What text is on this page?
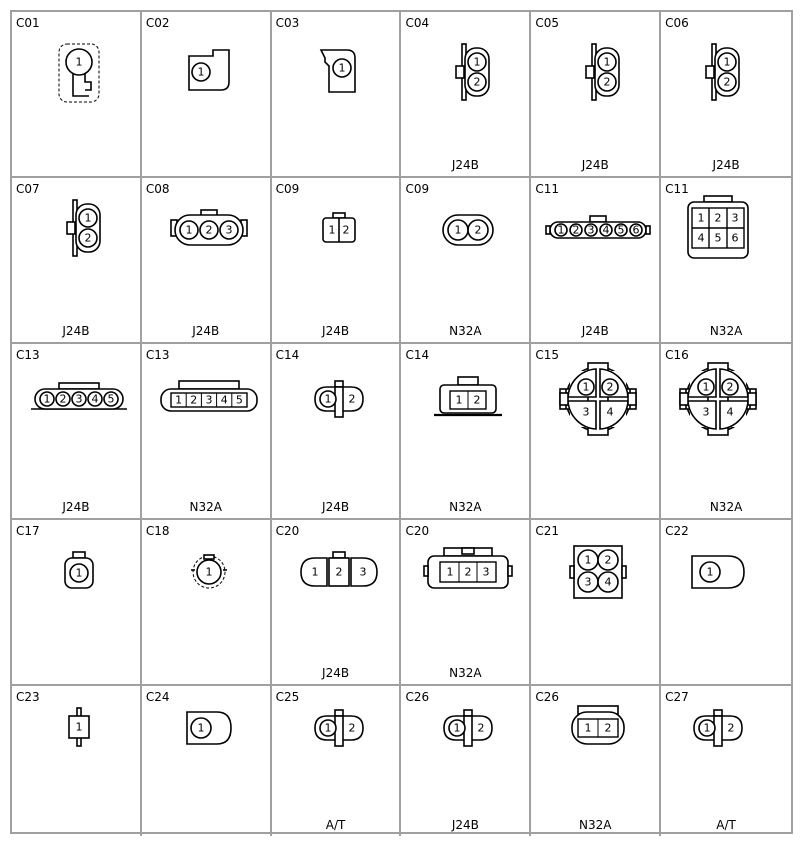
C01
1
C02
1
C03
1
C04
1
2
J24B
C05
1
2
J24B
C06
1
2
J24B
C07
1
2
J24B
C08
1 2 3
J24B
C09
1 2
J24B
C09
1 2
N32A
C11
1 2 3 4 5 6
J24B
C11
1 2 3
4 5 6
N32A
C13
1 2 3 4 5
J24B
C13
1 2 3 4 5
N32A
C14
1 2
J24B
C14
1 2
N32A
C15
1 2
3 4
C16
1 2
3 4
N32A
C17
1
C18
1
C20
1 2 3
J24B
C20
1 2 3
N32A
C21
1 2
3 4
C22
1
C23
1
C24
1
C25
1 2
A/T
C26
1 2
J24B
C26
1 2
N32A
C27
1 2
A/T
